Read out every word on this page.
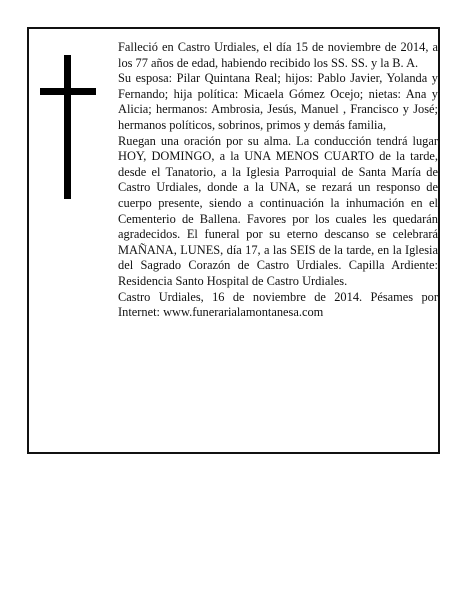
Falleció en Castro Urdiales, el día 15 de noviembre de 2014, a los 77 años de edad, habiendo recibido los SS. SS. y la B. A.

Su esposa: Pilar Quintana Real; hijos: Pablo Javier, Yolanda y Fernando; hija política: Micaela Gómez Ocejo; nietas: Ana y Alicia; hermanos: Ambrosia, Jesús, Manuel , Francisco y José; hermanos políticos, sobrinos, primos y demás familia,

Ruegan una oración por su alma. La conducción tendrá lugar HOY, DOMINGO, a la UNA MENOS CUARTO de la tarde, desde el Tanatorio, a la Iglesia Parroquial de Santa María de Castro Urdiales, donde a la UNA, se rezará un responso de cuerpo presente, siendo a continuación la inhumación en el Cementerio de Ballena. Favores por los cuales les quedarán agradecidos. El funeral por su eterno descanso se celebrará MAÑANA, LUNES, día 17, a las SEIS de la tarde, en la Iglesia del Sagrado Corazón de Castro Urdiales. Capilla Ardiente: Residencia Santo Hospital de Castro Urdiales.

Castro Urdiales, 16 de noviembre de 2014. Pésames por Internet: www.funerarialamontanesa.com
